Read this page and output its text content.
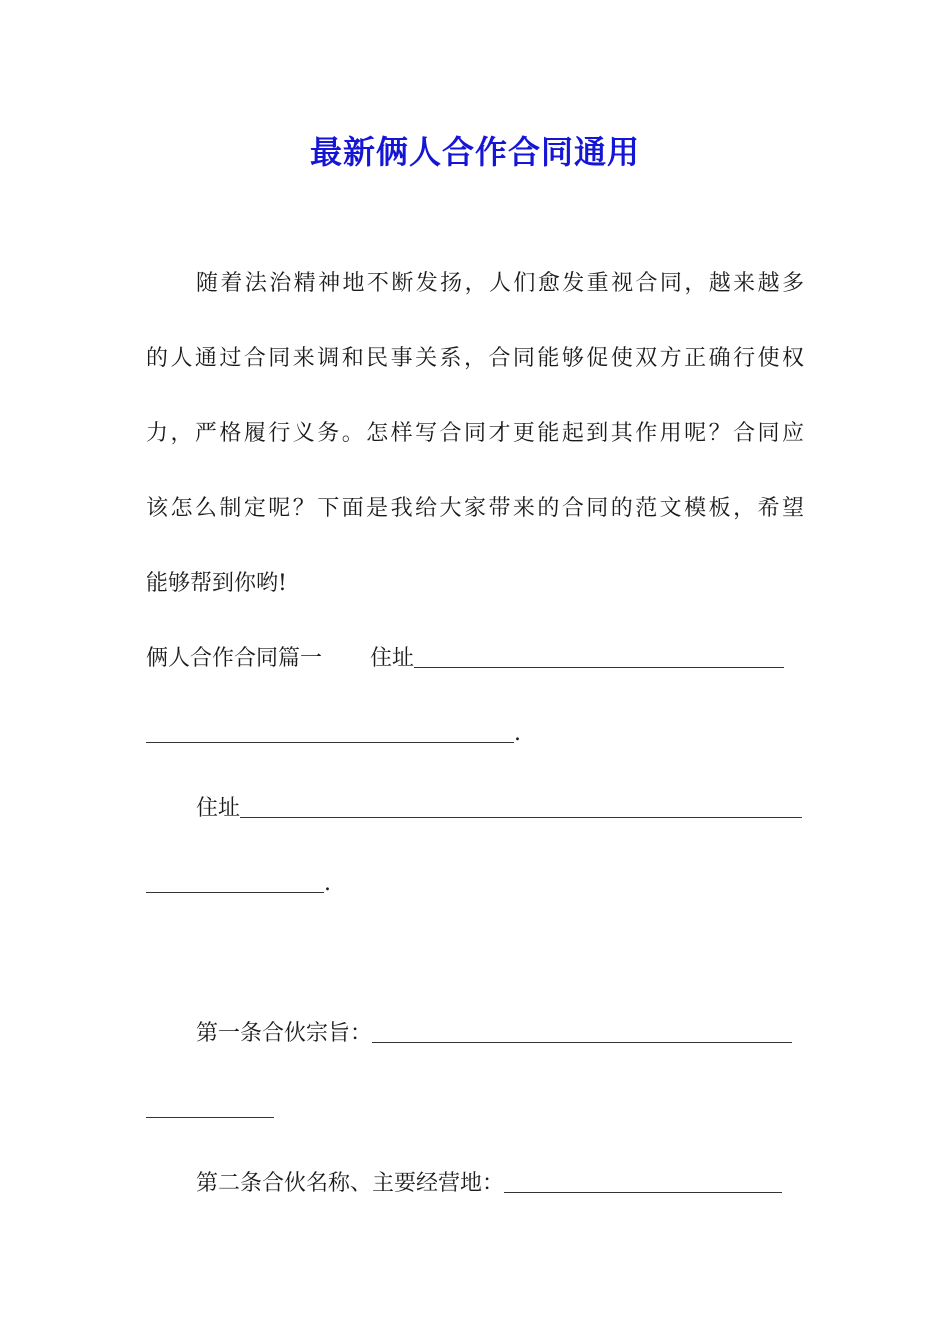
最新俩人合作合同通用
随着法治精神地不断发扬，人们愈发重视合同，越来越多
的人通过合同来调和民事关系，合同能够促使双方正确行使权
力，严格履行义务。怎样写合同才更能起到其作用呢？合同应
该怎么制定呢？下面是我给大家带来的合同的范文模板，希望
能够帮到你哟!
俩人合作合同篇一 住址
.
住址
.
第一条合伙宗旨：
第二条合伙名称、主要经营地：
